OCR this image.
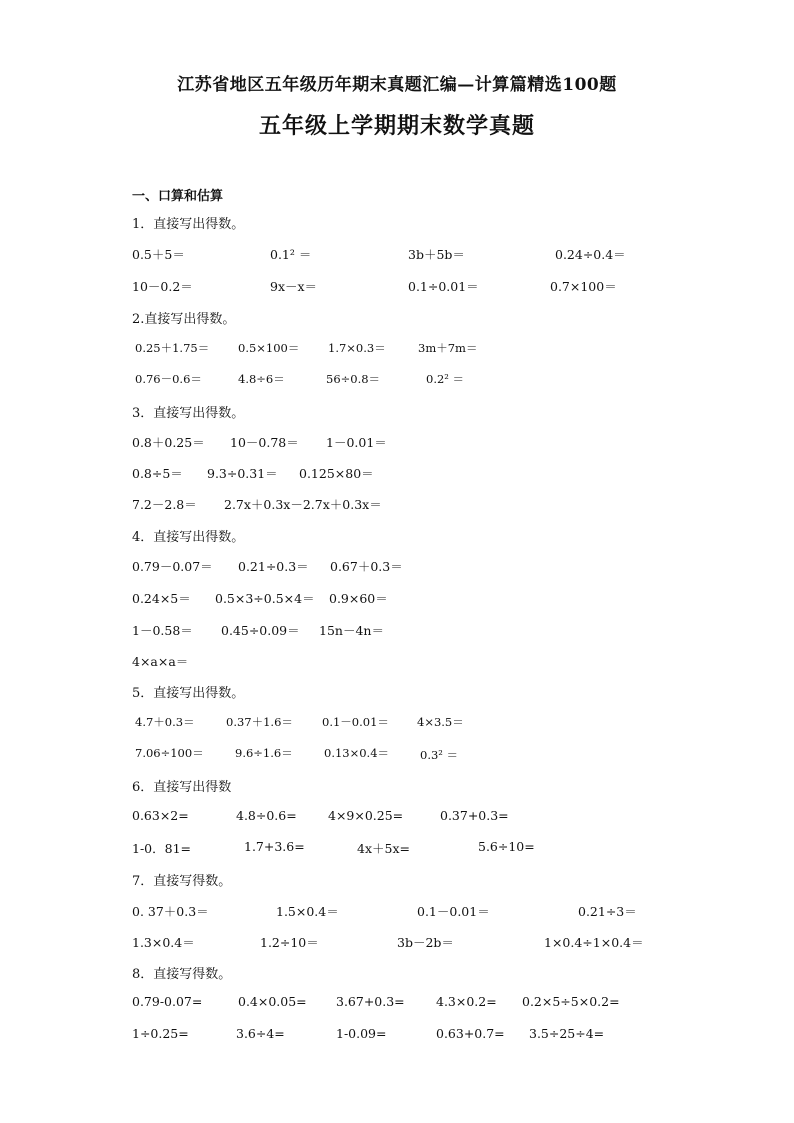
江苏省地区五年级历年期末真题汇编—计算篇精选100题
五年级上学期期末数学真题
一、口算和估算
1．直接写出得数。
0.5＋5＝	0.1² ＝	3b＋5b＝	0.24÷0.4＝
10－0.2＝	9x－x＝	0.1÷0.01＝	0.7×100＝
2.直接写出得数。
0.25＋1.75＝	0.5×100＝ 1.7×0.3＝	3m＋7m＝
0.76－0.6＝	4.8÷6＝	56÷0.8＝	0.2² ＝
3．直接写出得数。
0.8＋0.25＝ 10－0.78＝ 1－0.01＝
0.8÷5＝ 9.3÷0.31＝ 0.125×80＝
7.2－2.8＝ 2.7x＋0.3x－2.7x＋0.3x＝
4．直接写出得数。
0.79－0.07＝ 0.21÷0.3＝ 0.67＋0.3＝
0.24×5＝ 0.5×3÷0.5×4＝ 0.9×60＝
1－0.58＝ 0.45÷0.09＝ 15n－4n＝
4×a×a＝
5．直接写出得数。
4.7＋0.3＝	0.37＋1.6＝	0.1－0.01＝ 4×3.5＝
7.06÷100＝	9.6÷1.6＝	0.13×0.4＝	0.3² ＝
6．直接写出得数
0.63×2=	4.8÷0.6=	4×9×0.25=	0.37+0.3=
1-0．81=	1.7+3.6=	4x＋5x=	5.6÷10=
7．直接写得数。
0. 37＋0.3＝	1.5×0.4＝	0.1－0.01＝	0.21÷3＝
1.3×0.4＝	1.2÷10＝	3b－2b＝	1×0.4÷1×0.4＝
8．直接写得数。
0.79-0.07=	0.4×0.05= 3.67+0.3=	4.3×0.2= 0.2×5÷5×0.2=
1÷0.25=	3.6÷4=	1-0.09=	0.63+0.7= 3.5÷25÷4=
